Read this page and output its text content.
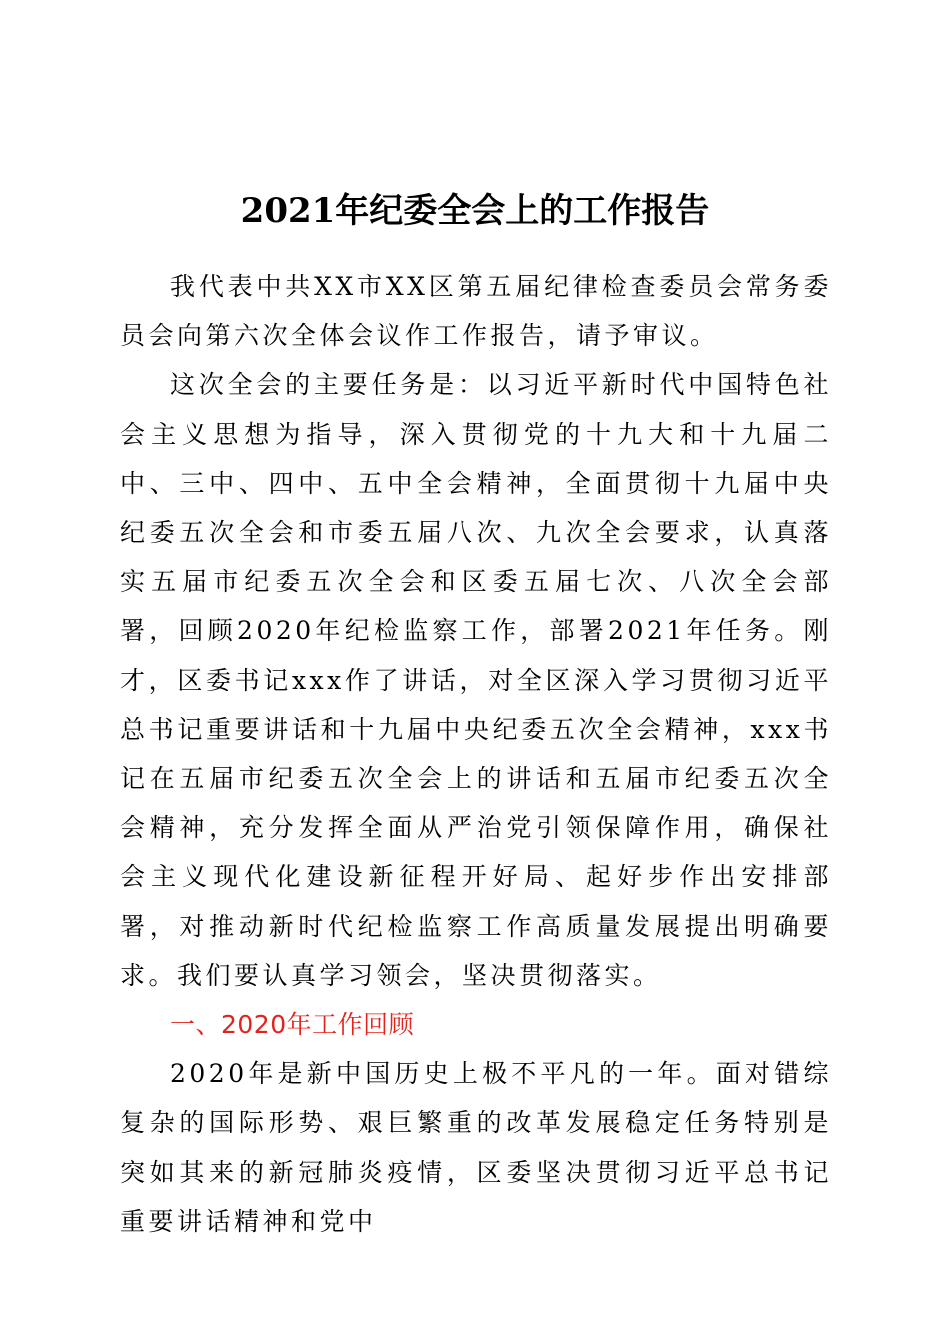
2021年纪委全会上的工作报告

我代表中共XX市XX区第五届纪律检查委员会常务委员会向第六次全体会议作工作报告，请予审议。

这次全会的主要任务是：以习近平新时代中国特色社会主义思想为指导，深入贯彻党的十九大和十九届二中、三中、四中、五中全会精神，全面贯彻十九届中央纪委五次全会和市委五届八次、九次全会要求，认真落实五届市纪委五次全会和区委五届七次、八次全会部署，回顾2020年纪检监察工作，部署2021年任务。刚才，区委书记xxx作了讲话，对全区深入学习贯彻习近平总书记重要讲话和十九届中央纪委五次全会精神，xxx书记在五届市纪委五次全会上的讲话和五届市纪委五次全会精神，充分发挥全面从严治党引领保障作用，确保社会主义现代化建设新征程开好局、起好步作出安排部署，对推动新时代纪检监察工作高质量发展提出明确要求。我们要认真学习领会，坚决贯彻落实。

一、2020年工作回顾

2020年是新中国历史上极不平凡的一年。面对错综复杂的国际形势、艰巨繁重的改革发展稳定任务特别是突如其来的新冠肺炎疫情，区委坚决贯彻习近平总书记重要讲话精神和党中
